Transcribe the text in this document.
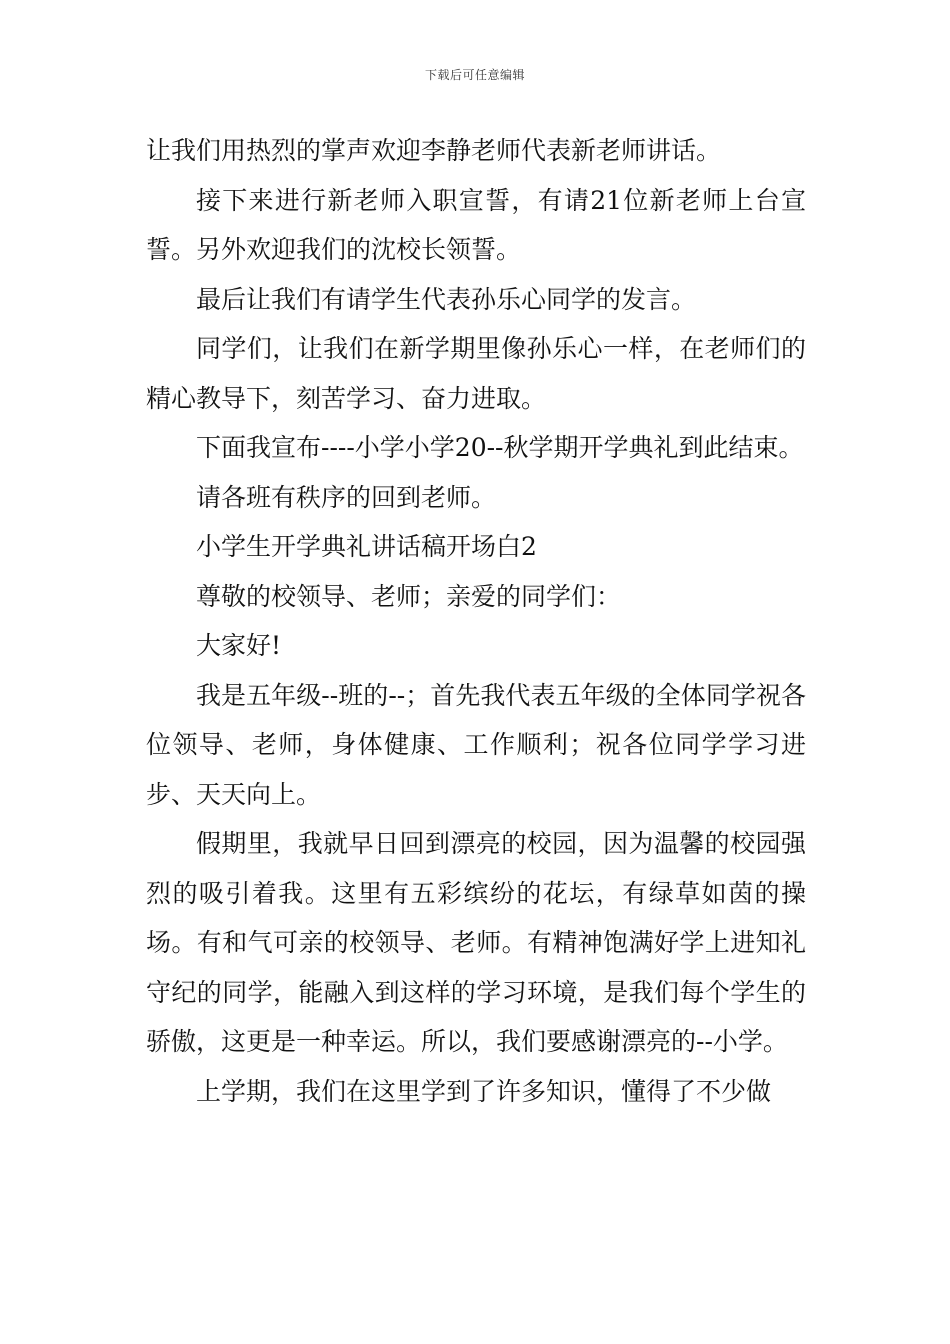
下载后可任意编辑

让我们用热烈的掌声欢迎李静老师代表新老师讲话。

接下来进行新老师入职宣誓，有请21位新老师上台宣誓。另外欢迎我们的沈校长领誓。

最后让我们有请学生代表孙乐心同学的发言。

同学们，让我们在新学期里像孙乐心一样，在老师们的精心教导下，刻苦学习、奋力进取。

下面我宣布----小学小学20--秋学期开学典礼到此结束。

请各班有秩序的回到老师。

小学生开学典礼讲话稿开场白2

尊敬的校领导、老师；亲爱的同学们：

大家好!

我是五年级--班的--；首先我代表五年级的全体同学祝各位领导、老师，身体健康、工作顺利；祝各位同学学习进步、天天向上。

假期里，我就早日回到漂亮的校园，因为温馨的校园强烈的吸引着我。这里有五彩缤纷的花坛，有绿草如茵的操场。有和气可亲的校领导、老师。有精神饱满好学上进知礼守纪的同学，能融入到这样的学习环境，是我们每个学生的骄傲，这更是一种幸运。所以，我们要感谢漂亮的--小学。

上学期，我们在这里学到了许多知识，懂得了不少做
